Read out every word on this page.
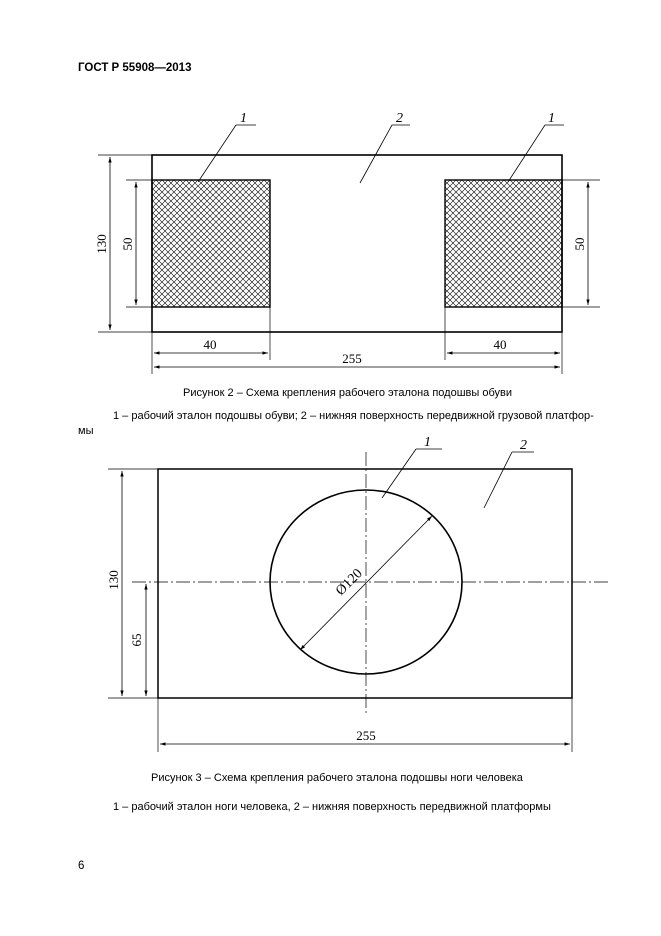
ГОСТ Р 55908—2013
130 50	50
40	40
255
1	2	1
Ø120
130
65
255
1	2
Рисунок 2 – Схема крепления рабочего эталона подошвы обуви
1 – рабочий эталон подошвы обуви; 2 – нижняя поверхность передвижной грузовой платфор-
мы
Рисунок 3 – Схема крепления рабочего эталона подошвы ноги человека
1 – рабочий эталон ноги человека, 2 – нижняя поверхность передвижной платформы
6
